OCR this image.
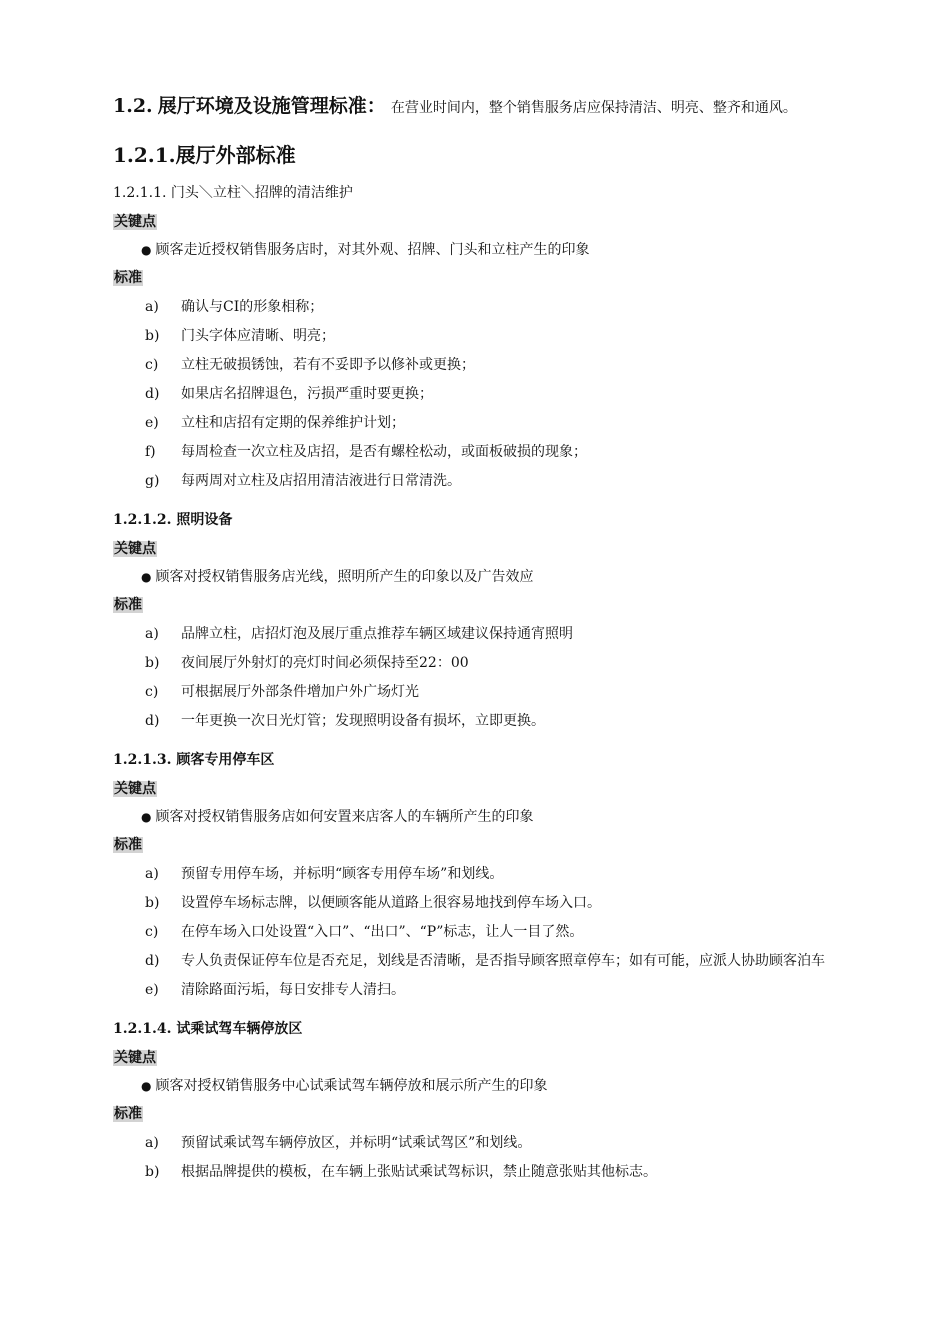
1.2. 展厅环境及设施管理标准： 在营业时间内，整个销售服务店应保持清洁、明亮、整齐和通风。

1.2.1.展厅外部标准
1.2.1.1. 门头＼立柱＼招牌的清洁维护
关键点
● 顾客走近授权销售服务店时，对其外观、招牌、门头和立柱产生的印象
标准
a)	确认与CI的形象相称；
b)	门头字体应清晰、明亮；
c)	立柱无破损锈蚀，若有不妥即予以修补或更换；
d)	如果店名招牌退色，污损严重时要更换；
e)	立柱和店招有定期的保养维护计划；
f)	每周检查一次立柱及店招，是否有螺栓松动，或面板破损的现象；
g)	每两周对立柱及店招用清洁液进行日常清洗。
1.2.1.2. 照明设备
关键点
● 顾客对授权销售服务店光线，照明所产生的印象以及广告效应
标准
a)	品牌立柱，店招灯泡及展厅重点推荐车辆区域建议保持通宵照明
b)	夜间展厅外射灯的亮灯时间必须保持至22：00
c)	可根据展厅外部条件增加户外广场灯光
d)	一年更换一次日光灯管；发现照明设备有损坏，立即更换。
1.2.1.3. 顾客专用停车区
关键点
● 顾客对授权销售服务店如何安置来店客人的车辆所产生的印象
标准
a)	预留专用停车场，并标明“顾客专用停车场”和划线。
b)	设置停车场标志牌，以便顾客能从道路上很容易地找到停车场入口。
c)	在停车场入口处设置“入口”、“出口”、“P”标志，让人一目了然。
d)	专人负责保证停车位是否充足，划线是否清晰，是否指导顾客照章停车；如有可能，应派人协助顾客泊车
e)	清除路面污垢，每日安排专人清扫。
1.2.1.4. 试乘试驾车辆停放区
关键点
● 顾客对授权销售服务中心试乘试驾车辆停放和展示所产生的印象
标准
a)	预留试乘试驾车辆停放区，并标明“试乘试驾区”和划线。
b)	根据品牌提供的模板，在车辆上张贴试乘试驾标识，禁止随意张贴其他标志。
